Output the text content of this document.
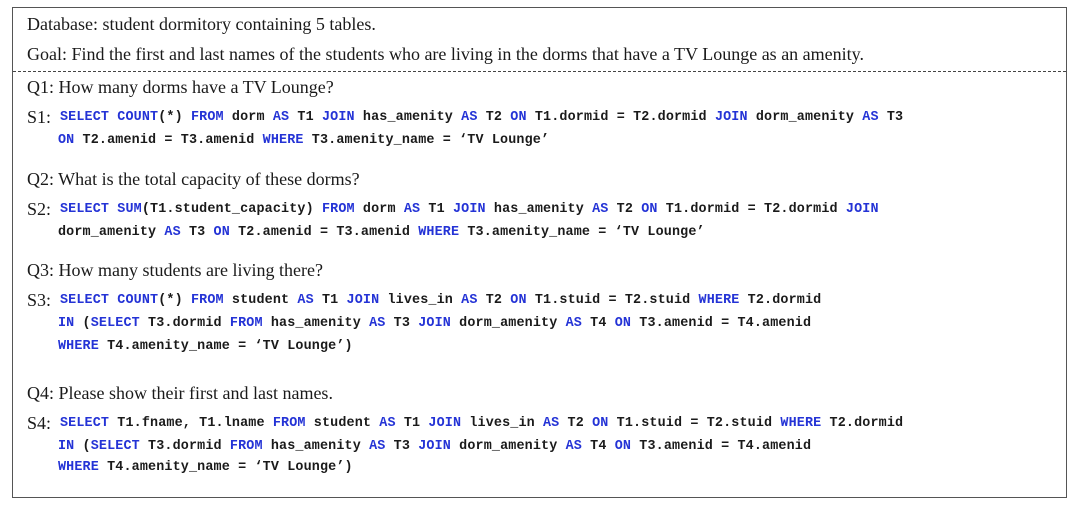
Database: student dormitory containing 5 tables.
Goal: Find the first and last names of the students who are living in the dorms that have a TV Lounge as an amenity.
Q1: How many dorms have a TV Lounge?
S1: SELECT COUNT(*) FROM dorm AS T1 JOIN has_amenity AS T2 ON T1.dormid = T2.dormid JOIN dorm_amenity AS T3
ON T2.amenid = T3.amenid WHERE T3.amenity_name = ‘TV Lounge’
Q2: What is the total capacity of these dorms?
S2: SELECT SUM(T1.student_capacity) FROM dorm AS T1 JOIN has_amenity AS T2 ON T1.dormid = T2.dormid JOIN
dorm_amenity AS T3 ON T2.amenid = T3.amenid WHERE T3.amenity_name = ‘TV Lounge’
Q3: How many students are living there?
S3: SELECT COUNT(*) FROM student AS T1 JOIN lives_in AS T2 ON T1.stuid = T2.stuid WHERE T2.dormid
IN (SELECT T3.dormid FROM has_amenity AS T3 JOIN dorm_amenity AS T4 ON T3.amenid = T4.amenid
WHERE T4.amenity_name = ‘TV Lounge’)
Q4: Please show their first and last names.
S4: SELECT T1.fname, T1.lname FROM student AS T1 JOIN lives_in AS T2 ON T1.stuid = T2.stuid WHERE T2.dormid
IN (SELECT T3.dormid FROM has_amenity AS T3 JOIN dorm_amenity AS T4 ON T3.amenid = T4.amenid
WHERE T4.amenity_name = ‘TV Lounge’)
